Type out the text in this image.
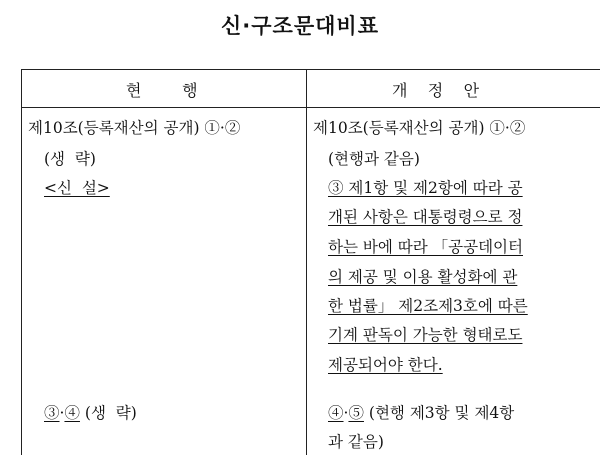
신·구조문대비표
현        행	개    정    안
제10조(등록재산의 공개) ①·②
(생  략)
<신  설>
③·④ (생  략)
제10조(등록재산의 공개) ①·②
(현행과 같음)
③ 제1항 및 제2항에 따라 공
개된 사항은 대통령령으로 정
하는 바에 따라 「공공데이터
의 제공 및 이용 활성화에 관
한 법률」 제2조제3호에 따른
기계 판독이 가능한 형태로도
제공되어야 한다.
④·⑤ (현행 제3항 및 제4항
과 같음)
